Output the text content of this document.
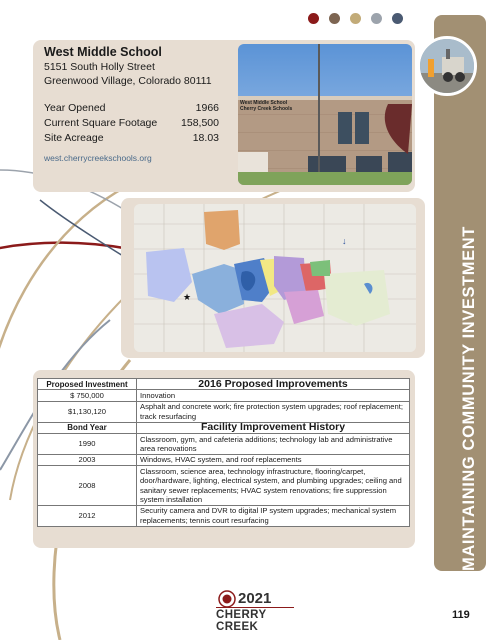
West Middle School
5151 South Holly Street
Greenwood Village, Colorado 80111
Year Opened	1966
Current Square Footage	158,500
Site Acreage	18.03
west.cherrycreekschools.org
West Middle School
Cherry Creek Schools
★
↓	MAINTAINING COMMUNITY INVESTMENT
Proposed Investment	2016 Proposed Improvements
$ 750,000	Innovation
$1,130,120	Asphalt and concrete work; fire protection system upgrades; roof replacement; track resurfacing
Bond Year	Facility Improvement History
1990	Classroom, gym, and cafeteria additions; technology lab and administrative area renovations
2003	Windows, HVAC system, and roof replacements
2008	Classroom, science area, technology infrastructure, flooring/carpet, door/hardware, lighting, electrical system, and plumbing upgrades; ceiling and sanitary sewer replacements; HVAC system renovations; fire suppression system installation
2012	Security camera and DVR to digital IP system upgrades; mechanical system replacements; tennis court resurfacing
2021
CHERRY CREEK
119
